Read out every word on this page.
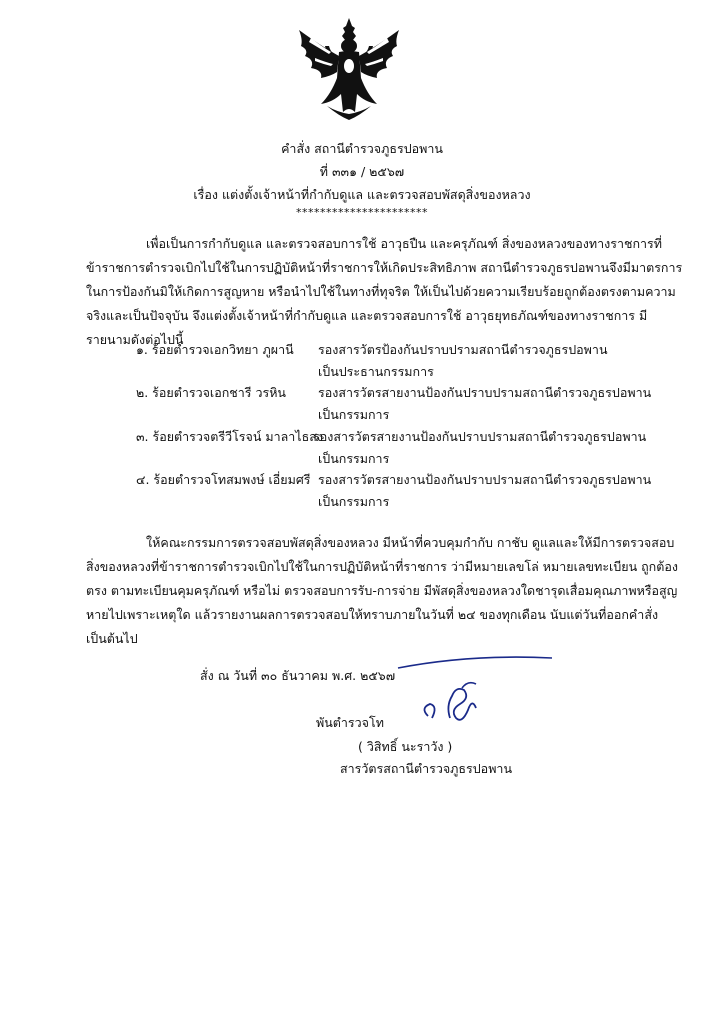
คำสั่ง สถานีตำรวจภูธรปอพาน
ที่ ๓๓๑ / ๒๕๖๗
เรื่อง แต่งตั้งเจ้าหน้าที่กำกับดูแล และตรวจสอบพัสดุสิ่งของหลวง
**********************
เพื่อเป็นการกำกับดูแล และตรวจสอบการใช้ อาวุธปืน และครุภัณฑ์ สิ่งของหลวงของทางราชการที่
ข้าราชการตำรวจเบิกไปใช้ในการปฏิบัติหน้าที่ราชการให้เกิดประสิทธิภาพ สถานีตำรวจภูธรปอพานจึงมีมาตรการ
ในการป้องกันมิให้เกิดการสูญหาย หรือนำไปใช้ในทางที่ทุจริต ให้เป็นไปด้วยความเรียบร้อยถูกต้องตรงตามความ
จริงและเป็นปัจจุบัน จึงแต่งตั้งเจ้าหน้าที่กำกับดูแล และตรวจสอบการใช้ อาวุธยุทธภัณฑ์ของทางราชการ มี
รายนามดังต่อไปนี้
๑. ร้อยตำรวจเอกวิทยา ภูผานี รองสารวัตรป้องกันปราบปรามสถานีตำรวจภูธรปอพาน
เป็นประธานกรรมการ
๒. ร้อยตำรวจเอกชารี วรหิน	รองสารวัตรสายงานป้องกันปราบปรามสถานีตำรวจภูธรปอพาน
เป็นกรรมการ
๓. ร้อยตำรวจตรีวีโรจน์ มาลาไธสง
รองสารวัตรสายงานป้องกันปราบปรามสถานีตำรวจภูธรปอพาน
เป็นกรรมการ
๔. ร้อยตำรวจโทสมพงษ์ เอี่ยมศรี รองสารวัตรสายงานป้องกันปราบปรามสถานีตำรวจภูธรปอพาน
เป็นกรรมการ
ให้คณะกรรมการตรวจสอบพัสดุสิ่งของหลวง มีหน้าที่ควบคุมกำกับ กาชับ ดูแลและให้มีการตรวจสอบ
สิ่งของหลวงที่ข้าราชการตำรวจเบิกไปใช้ในการปฏิบัติหน้าที่ราชการ ว่ามีหมายเลขโล่ หมายเลขทะเบียน ถูกต้อง
ตรง ตามทะเบียนคุมครุภัณฑ์ หรือไม่ ตรวจสอบการรับ-การจ่าย มีพัสดุสิ่งของหลวงใดชารุดเสื่อมคุณภาพหรือสูญ
หายไปเพราะเหตุใด แล้วรายงานผลการตรวจสอบให้ทราบภายในวันที่ ๒๔ ของทุกเดือน นับแต่วันที่ออกคำสั่ง
เป็นต้นไป
สั่ง ณ วันที่ ๓๐ ธันวาคม พ.ศ. ๒๕๖๗
พันตำรวจโท
( วิสิทธิ์ นะราวัง )
สารวัตรสถานีตำรวจภูธรปอพาน
